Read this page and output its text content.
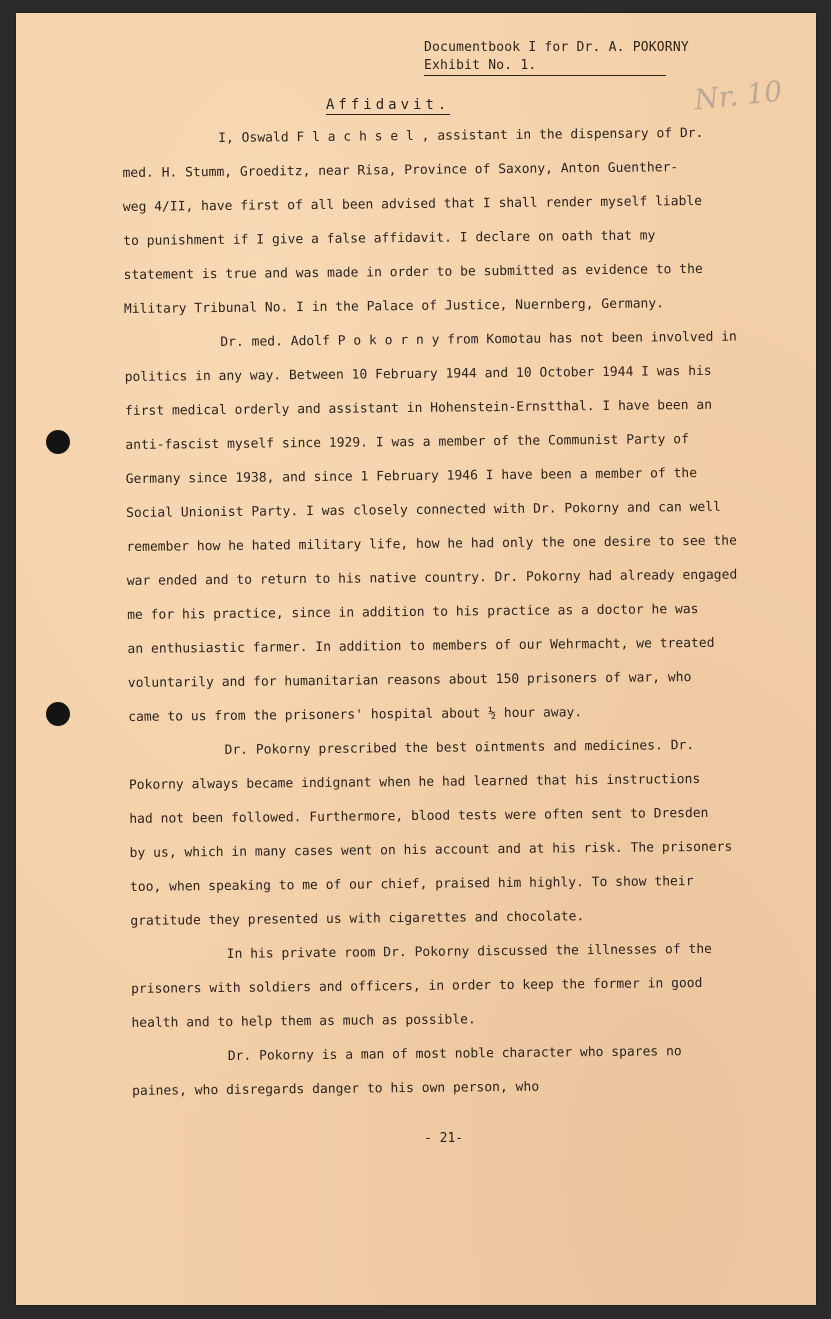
Documentbook I for Dr. A. POKORNY
Exhibit No. 1.
Nr. 10
Affidavit.

I, Oswald F l a c h s e l , assistant in the dispensary of Dr.
med. H. Stumm, Groeditz, near Risa, Province of Saxony, Anton Guenther-
weg 4/II, have first of all been advised that I shall render myself liable
to punishment if I give a false affidavit. I declare on oath that my
statement is true and was made in order to be submitted as evidence to the
Military Tribunal No. I in the Palace of Justice, Nuernberg, Germany.

Dr. med. Adolf P o k o r n y from Komotau has not been involved in
politics in any way. Between 10 February 1944 and 10 October 1944 I was his
first medical orderly and assistant in Hohenstein-Ernstthal. I have been an
anti-fascist myself since 1929. I was a member of the Communist Party of
Germany since 1938, and since 1 February 1946 I have been a member of the
Social Unionist Party. I was closely connected with Dr. Pokorny and can well
remember how he hated military life, how he had only the one desire to see the
war ended and to return to his native country. Dr. Pokorny had already engaged
me for his practice, since in addition to his practice as a doctor he was
an enthusiastic farmer. In addition to members of our Wehrmacht, we treated
voluntarily and for humanitarian reasons about 150 prisoners of war, who
came to us from the prisoners' hospital about ½ hour away.

Dr. Pokorny prescribed the best ointments and medicines. Dr.
Pokorny always became indignant when he had learned that his instructions
had not been followed. Furthermore, blood tests were often sent to Dresden
by us, which in many cases went on his account and at his risk. The prisoners
too, when speaking to me of our chief, praised him highly. To show their
gratitude they presented us with cigarettes and chocolate.

In his private room Dr. Pokorny discussed the illnesses of the
prisoners with soldiers and officers, in order to keep the former in good
health and to help them as much as possible.

Dr. Pokorny is a man of most noble character who spares no
paines, who disregards danger to his own person, who

- 21-
